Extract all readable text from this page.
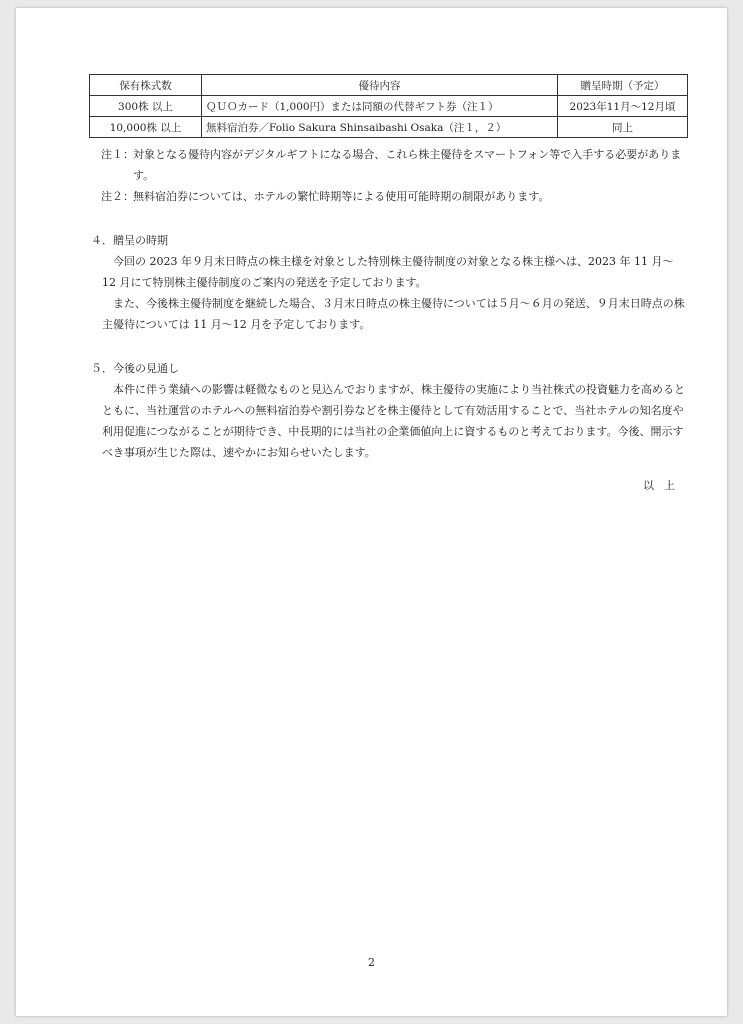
保有株式数	優待内容	贈呈時期（予定）
300株 以上	ＱＵＯカード（1,000円）または同額の代替ギフト券（注１）	2023年11月～12月頃
10,000株 以上	無料宿泊券／Folio Sakura Shinsaibashi Osaka（注１，２）	同上
注１： 対象となる優待内容がデジタルギフトになる場合、これら株主優待をスマートフォン等で入手する必要があります。
注２： 無料宿泊券については、ホテルの繁忙時期等による使用可能時期の制限があります。
４．贈呈の時期

今回の 2023 年９月末日時点の株主様を対象とした特別株主優待制度の対象となる株主様へは、2023 年 11 月～12 月にて特別株主優待制度のご案内の発送を予定しております。

また、今後株主優待制度を継続した場合、３月末日時点の株主優待については５月～６月の発送、９月末日時点の株主優待については 11 月～12 月を予定しております。

５．今後の見通し

本件に伴う業績への影響は軽微なものと見込んでおりますが、株主優待の実施により当社株式の投資魅力を高めるとともに、当社運営のホテルへの無料宿泊券や割引券などを株主優待として有効活用することで、当社ホテルの知名度や利用促進につながることが期待でき、中長期的には当社の企業価値向上に資するものと考えております。今後、開示すべき事項が生じた際は、速やかにお知らせいたします。

以上
2
